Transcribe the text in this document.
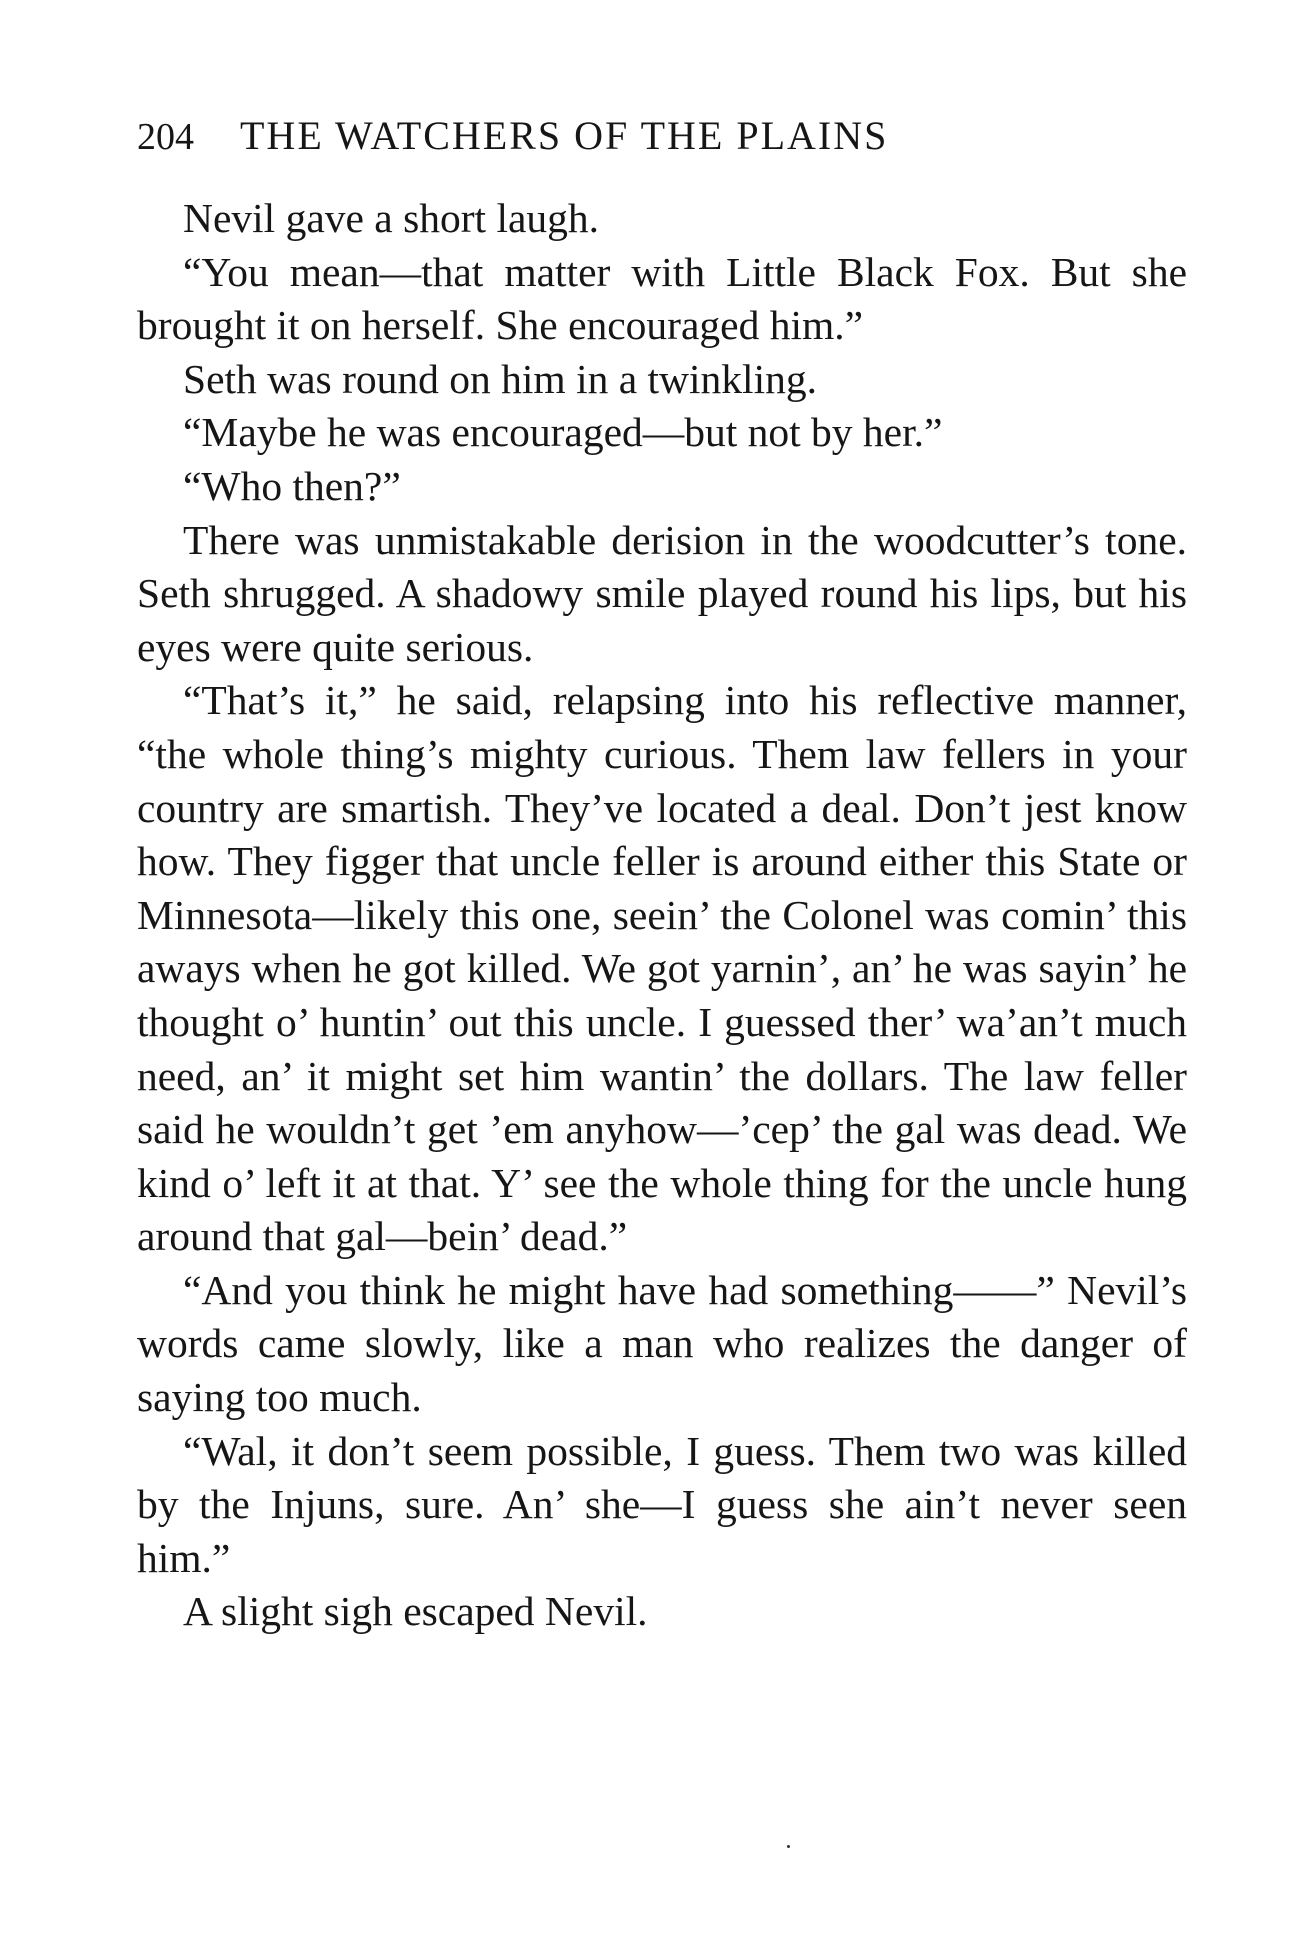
204 THE WATCHERS OF THE PLAINS

Nevil gave a short laugh.

“You mean—that matter with Little Black Fox. But she brought it on herself. She encouraged him.”

Seth was round on him in a twinkling.

“Maybe he was encouraged—but not by her.”

“Who then?”

There was unmistakable derision in the woodcutter’s tone. Seth shrugged. A shadowy smile played round his lips, but his eyes were quite serious.

“That’s it,” he said, relapsing into his reflective manner, “the whole thing’s mighty curious. Them law fellers in your country are smartish. They’ve located a deal. Don’t jest know how. They figger that uncle feller is around either this State or Minnesota—likely this one, seein’ the Colonel was comin’ this aways when he got killed. We got yarnin’, an’ he was sayin’ he thought o’ huntin’ out this uncle. I guessed ther’ wa’an’t much need, an’ it might set him wantin’ the dollars. The law feller said he wouldn’t get ’em anyhow—’cep’ the gal was dead. We kind o’ left it at that. Y’ see the whole thing for the uncle hung around that gal—bein’ dead.”

“And you think he might have had something——” Nevil’s words came slowly, like a man who realizes the danger of saying too much.

“Wal, it don’t seem possible, I guess. Them two was killed by the Injuns, sure. An’ she—I guess she ain’t never seen him.”

A slight sigh escaped Nevil.
